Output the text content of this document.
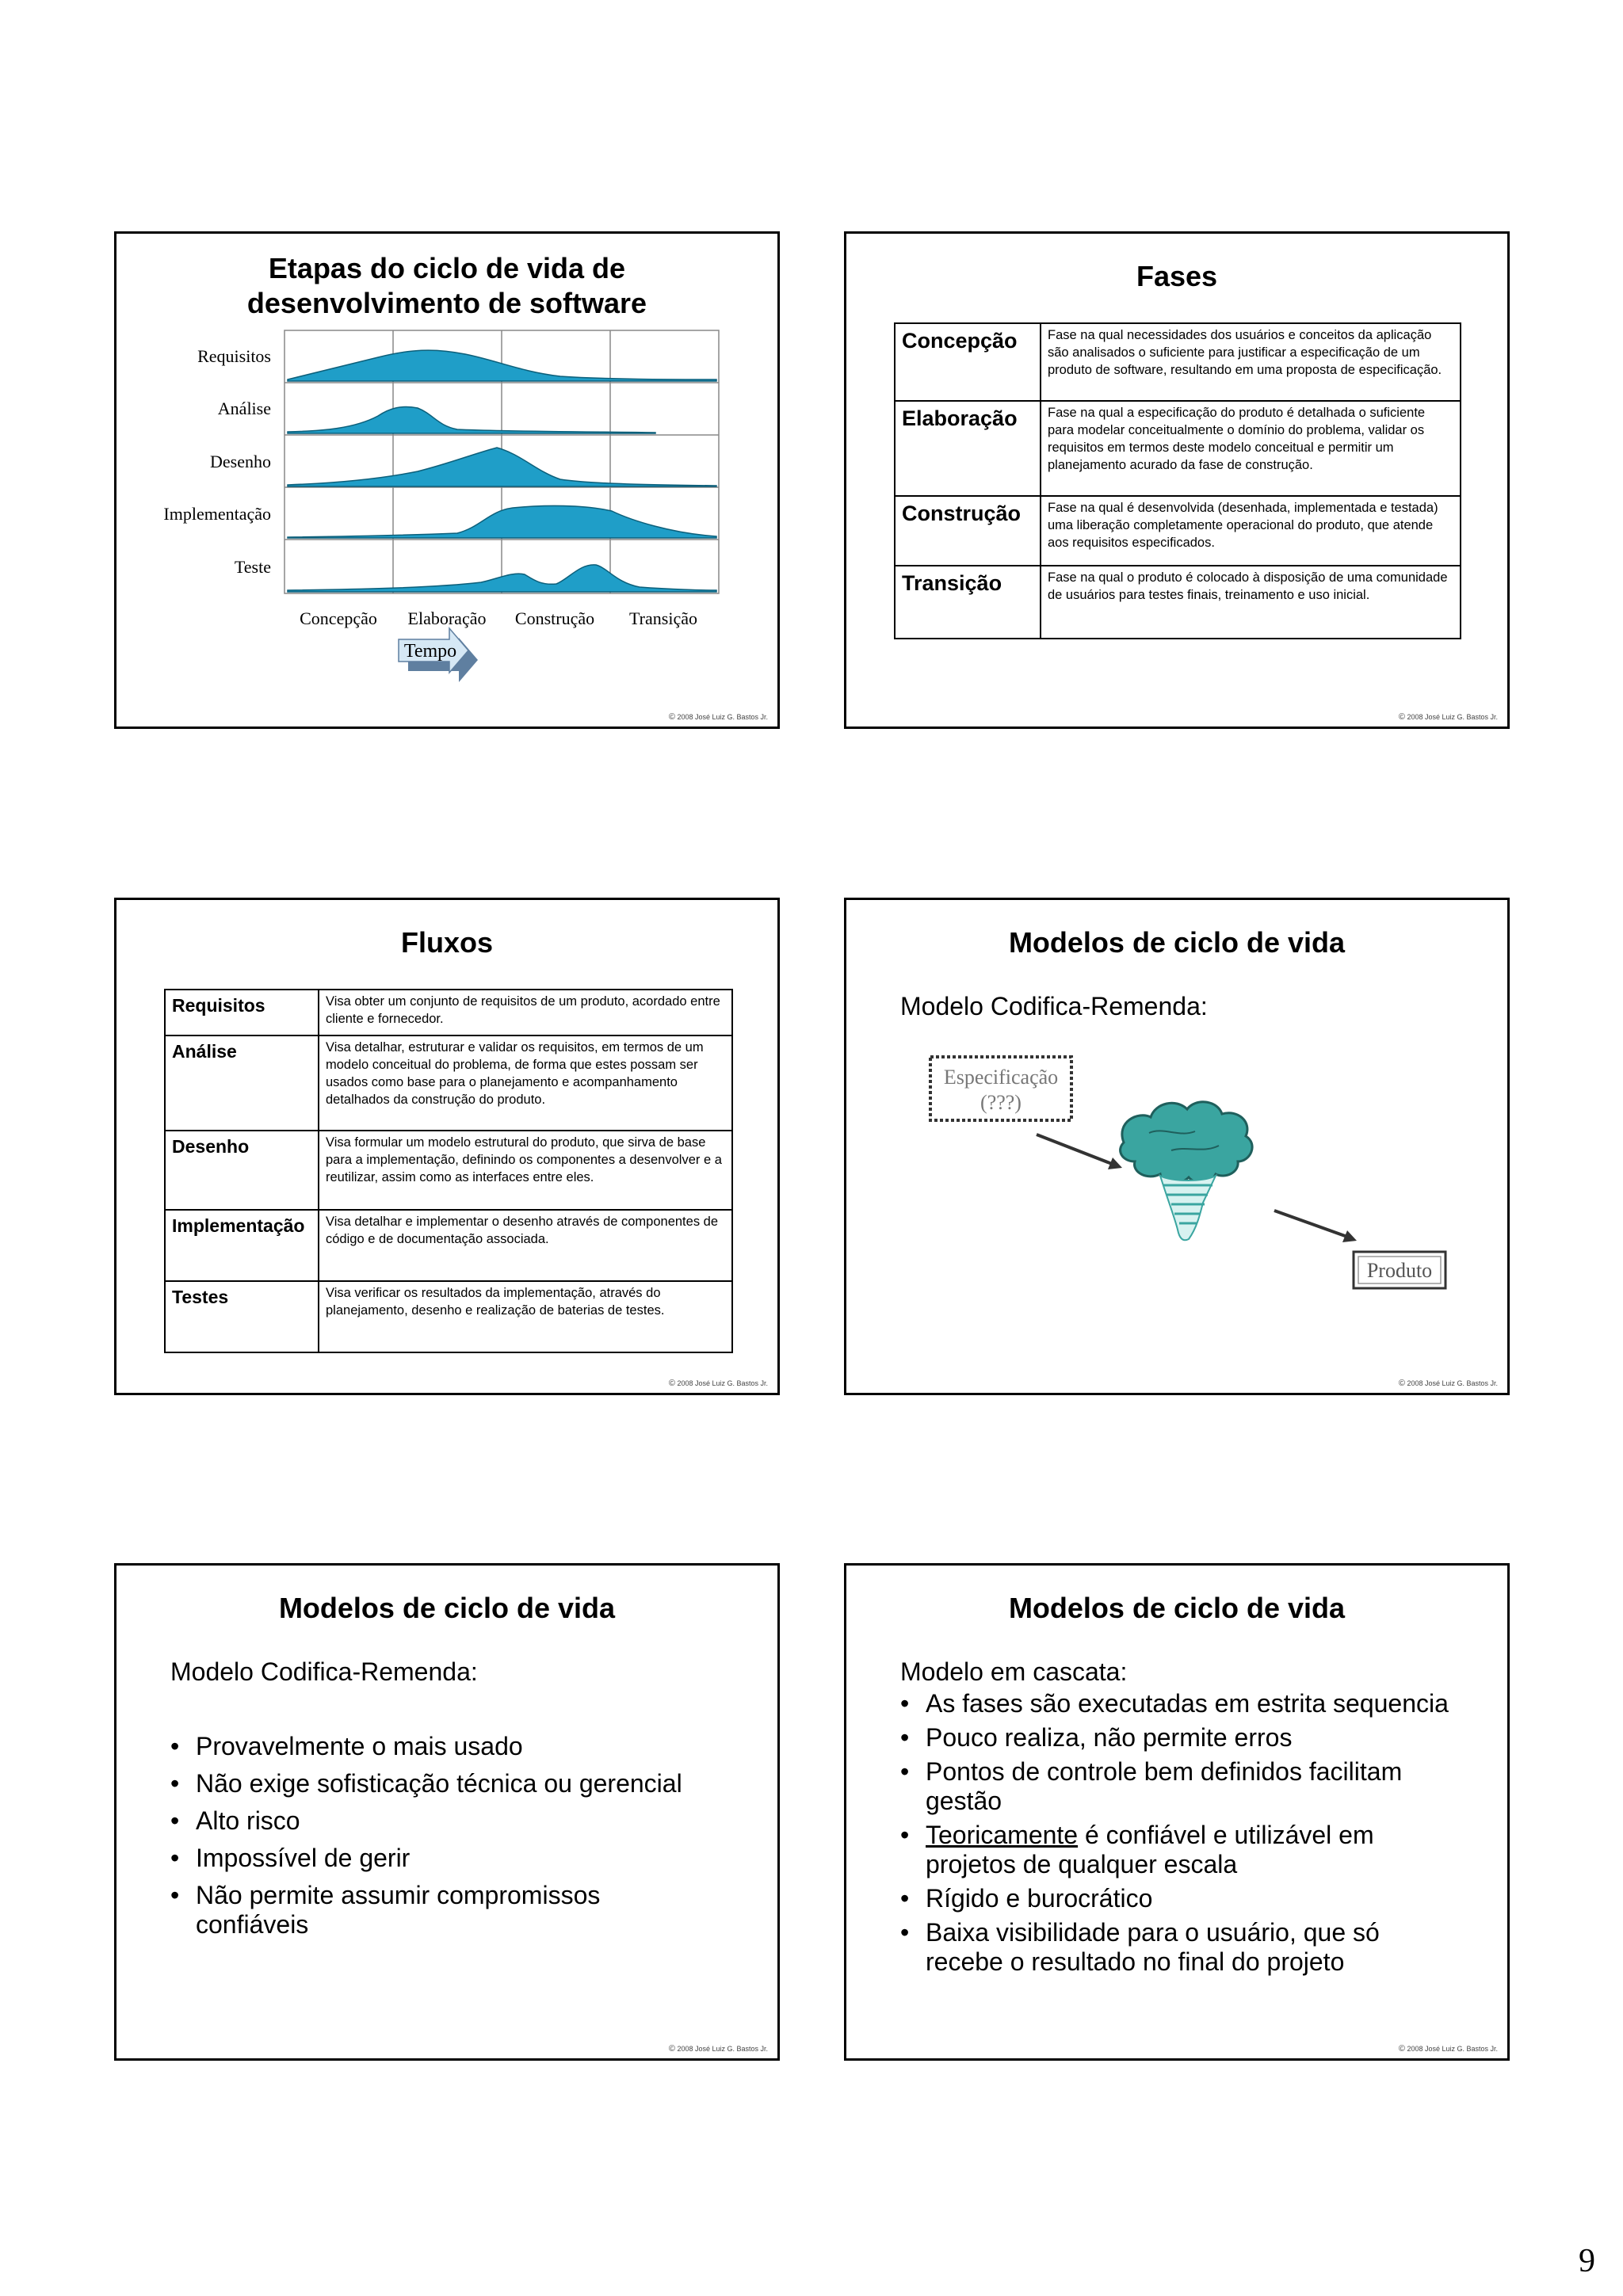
Etapas do ciclo de vida de
desenvolvimento de software
Requisitos
Análise
Desenho
Implementação
Teste
Concepção Elaboração Construção Transição
Tempo
© 2008 José Luiz G. Bastos Jr.
Fases
Concepção	Fase na qual necessidades dos usuários e conceitos da aplicação são analisados o suficiente para justificar a especificação de um produto de software, resultando em uma proposta de especificação.
Elaboração	Fase na qual a especificação do produto é detalhada o suficiente para modelar conceitualmente o domínio do problema, validar os requisitos em termos deste modelo conceitual e permitir um planejamento acurado da fase de construção.
Construção	Fase na qual é desenvolvida (desenhada, implementada e testada) uma liberação completamente operacional do produto, que atende aos requisitos especificados.
Transição	Fase na qual o produto é colocado à disposição de uma comunidade de usuários para testes finais, treinamento e uso inicial.
© 2008 José Luiz G. Bastos Jr.
Fluxos
Requisitos	Visa obter um conjunto de requisitos de um produto, acordado entre cliente e fornecedor.
Análise	Visa detalhar, estruturar e validar os requisitos, em termos de um modelo conceitual do problema, de forma que estes possam ser usados como base para o planejamento e acompanhamento detalhados da construção do produto.
Desenho	Visa formular um modelo estrutural do produto, que sirva de base para a implementação, definindo os componentes a desenvolver e a reutilizar, assim como as interfaces entre eles.
Implementação	Visa detalhar e implementar o desenho através de componentes de código e de documentação associada.
Testes	Visa verificar os resultados da implementação, através do planejamento, desenho e realização de baterias de testes.
© 2008 José Luiz G. Bastos Jr.
Modelos de ciclo de vida
Modelo Codifica-Remenda:
Especificação
(???)
Produto
© 2008 José Luiz G. Bastos Jr.
Modelos de ciclo de vida
Modelo Codifica-Remenda:
• Provavelmente o mais usado
• Não exige sofisticação técnica ou gerencial
• Alto risco
• Impossível de gerir
• Não permite assumir compromissos confiáveis
© 2008 José Luiz G. Bastos Jr.
Modelos de ciclo de vida
Modelo em cascata:
• As fases são executadas em estrita sequencia
• Pouco realiza, não permite erros
• Pontos de controle bem definidos facilitam gestão
• Teoricamente é confiável e utilizável em projetos de qualquer escala
• Rígido e burocrático
• Baixa visibilidade para o usuário, que só recebe o resultado no final do projeto
© 2008 José Luiz G. Bastos Jr.
9
